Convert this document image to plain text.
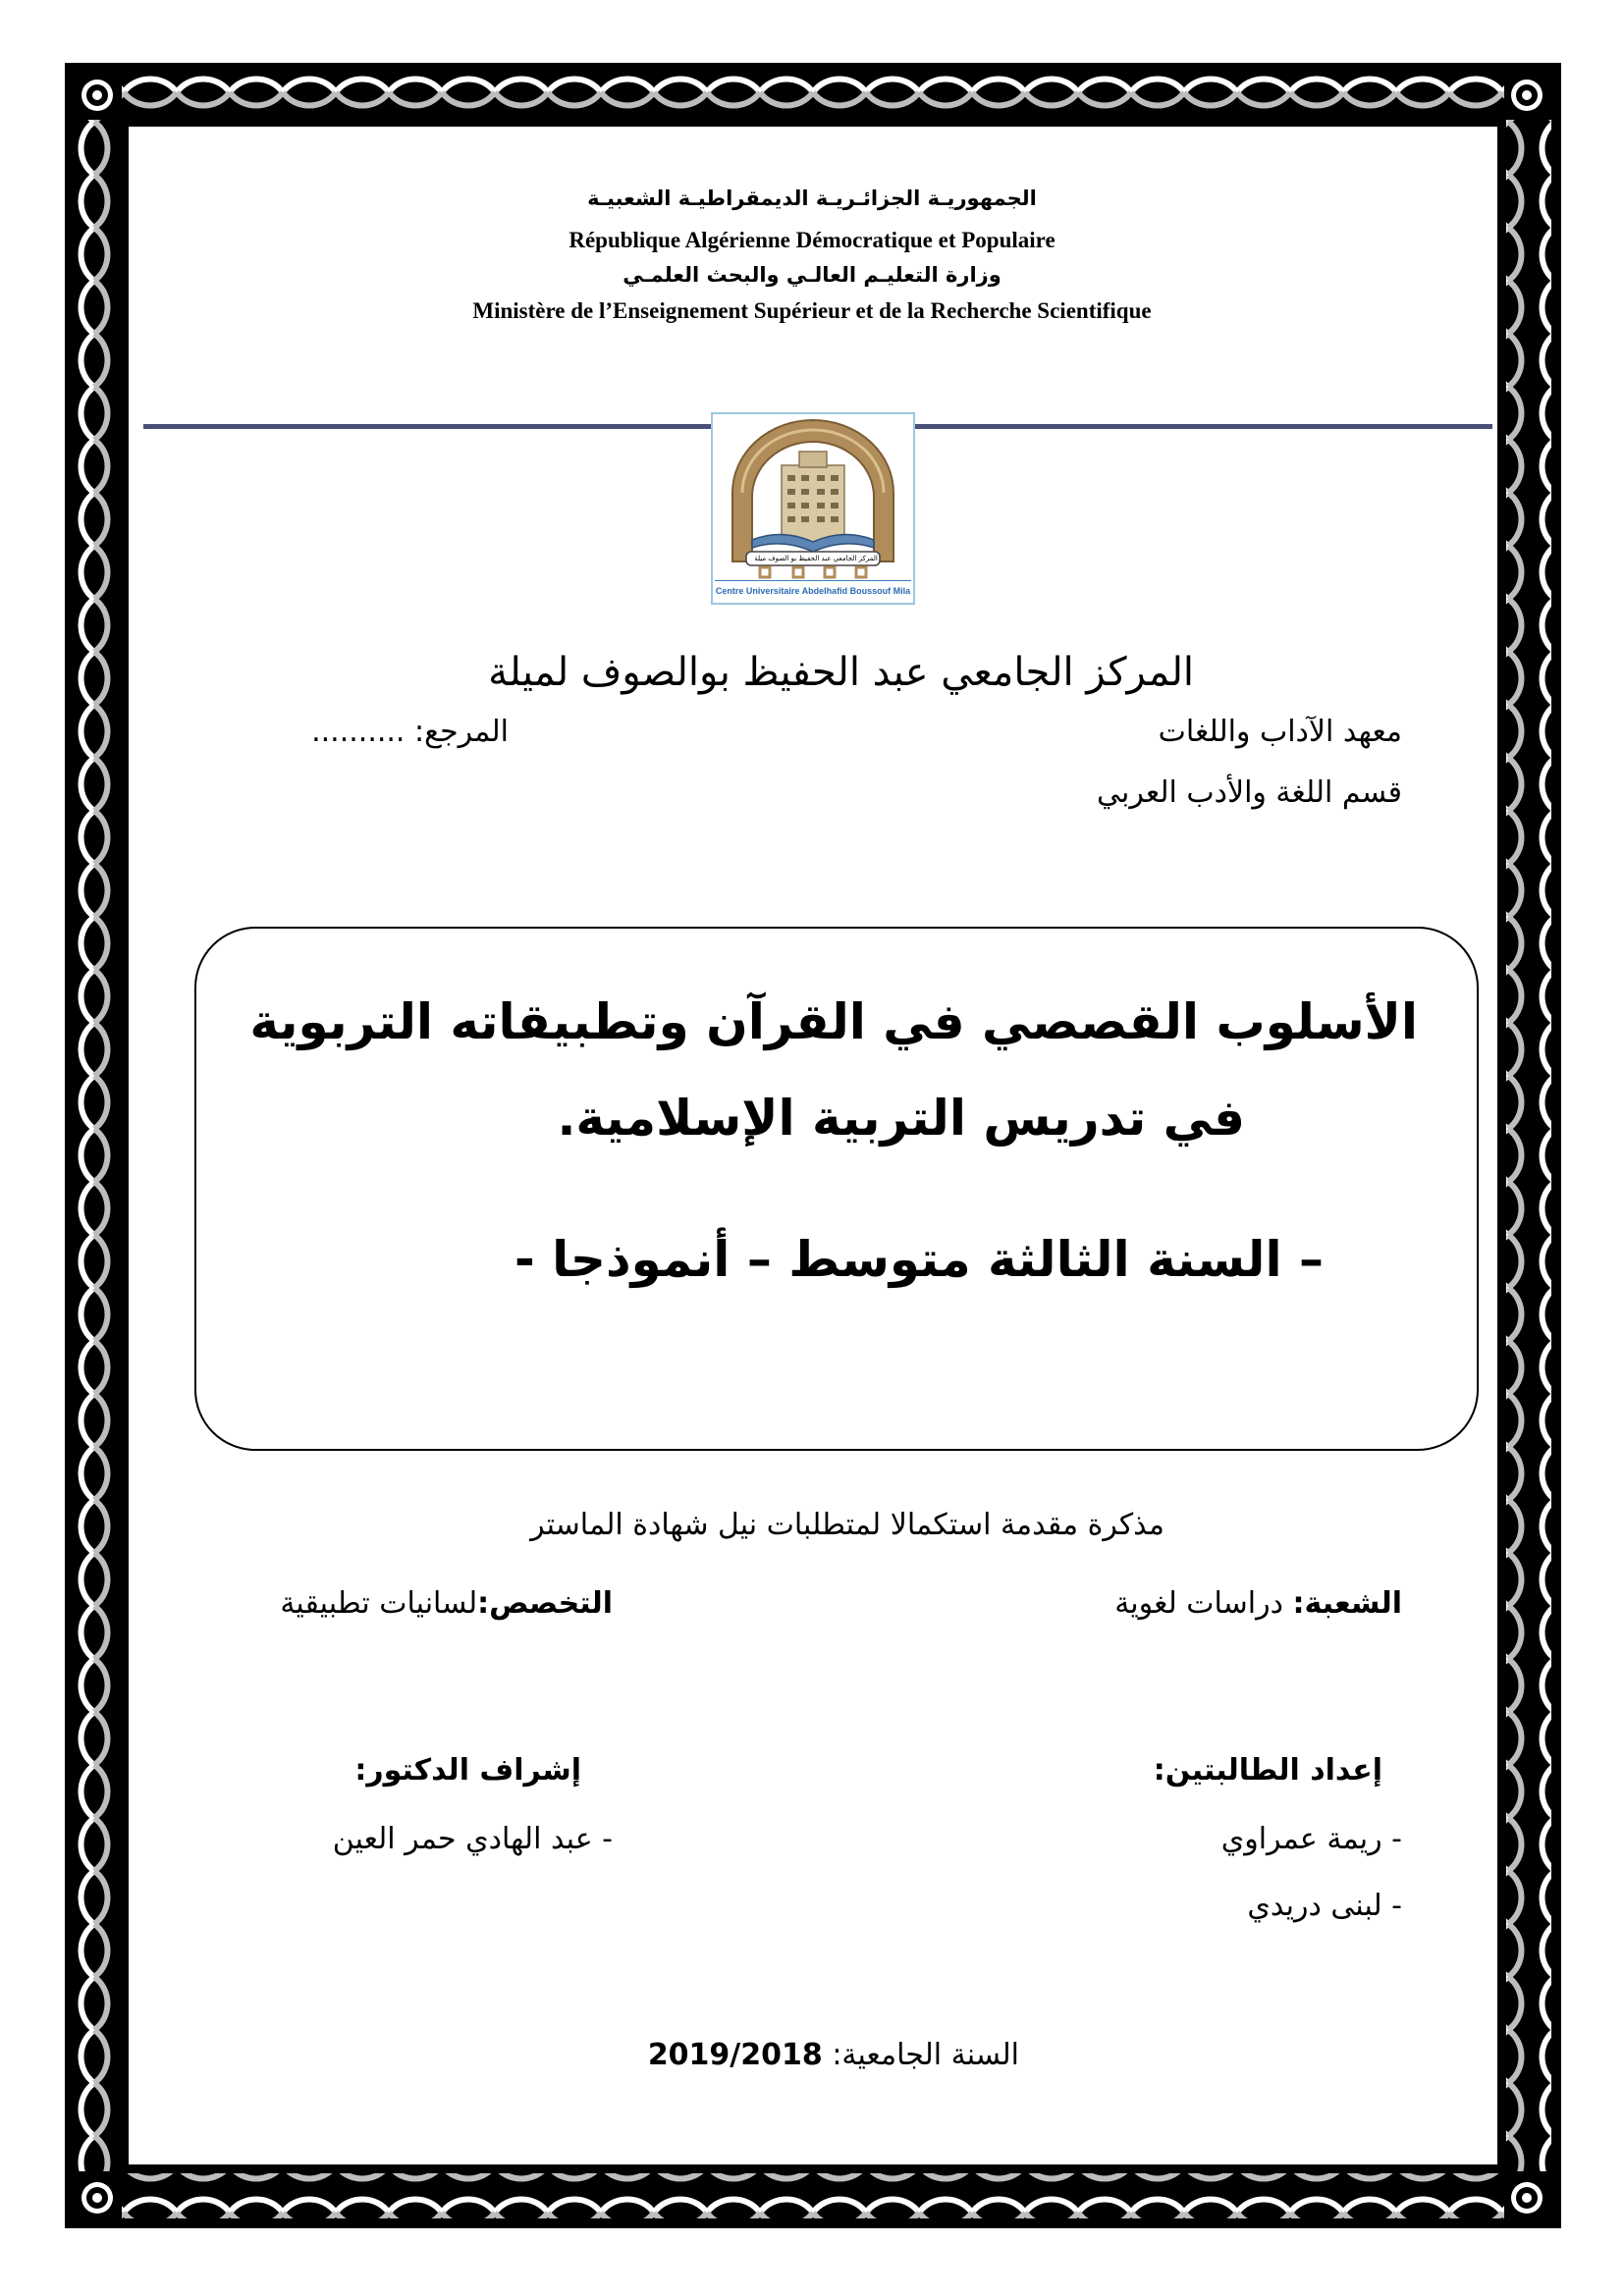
الجمهوريـة الجزائـريـة الديمقراطيـة الشعبيـة
République Algérienne Démocratique et Populaire
وزارة التعليـم العالـي والبحث العلمـي
Ministère de l’Enseignement Supérieur et de la Recherche Scientifique
المركز الجامعي عبد الحفيظ بو الصوف ميلة
Centre Universitaire Abdelhafid Boussouf Mila
المركز الجامعي عبد الحفيظ بوالصوف لميلة
معهد الآداب واللغات
المرجع: ..........
قسم اللغة والأدب العربي
الأسلوب القصصي في القرآن وتطبيقاته التربوية
في تدريس التربية الإسلامية.
– السنة الثالثة متوسط – أنموذجا -
مذكرة مقدمة استكمالا لمتطلبات نيل شهادة الماستر
الشعبة: دراسات لغوية
التخصص:لسانيات تطبيقية
إعداد الطالبتين:
- ريمة عمراوي
- لبنى دريدي
إشراف الدكتور:
- عبد الهادي حمر العين
السنة الجامعية: 2019/2018
